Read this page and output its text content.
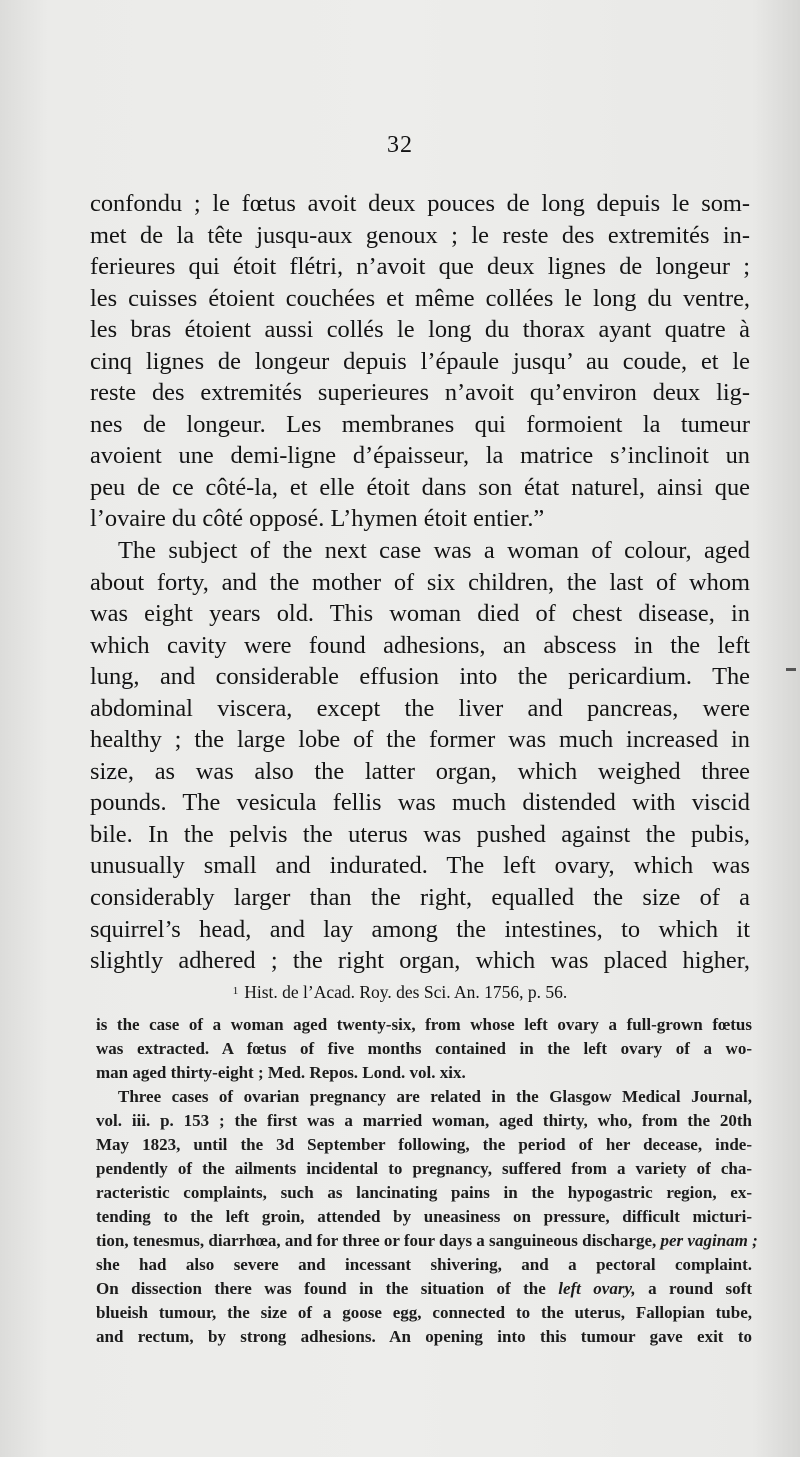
32
confondu ; le fœtus avoit deux pouces de long depuis le som-
met de la tête jusqu-aux genoux ; le reste des extremités in-
ferieures qui étoit flétri, n’avoit que deux lignes de longeur ;
les cuisses étoient couchées et même collées le long du ventre,
les bras étoient aussi collés le long du thorax ayant quatre à
cinq lignes de longeur depuis l’épaule jusqu’ au coude, et le
reste des extremités superieures n’avoit qu’environ deux lig-
nes de longeur. Les membranes qui formoient la tumeur
avoient une demi-ligne d’épaisseur, la matrice s’inclinoit un
peu de ce côté-la, et elle étoit dans son état naturel, ainsi que
l’ovaire du côté opposé. L’hymen étoit entier.”
The subject of the next case was a woman of colour, aged
about forty, and the mother of six children, the last of whom
was eight years old. This woman died of chest disease, in
which cavity were found adhesions, an abscess in the left
lung, and considerable effusion into the pericardium. The
abdominal viscera, except the liver and pancreas, were
healthy ; the large lobe of the former was much increased in
size, as was also the latter organ, which weighed three
pounds. The vesicula fellis was much distended with viscid
bile. In the pelvis the uterus was pushed against the pubis,
unusually small and indurated. The left ovary, which was
considerably larger than the right, equalled the size of a
squirrel’s head, and lay among the intestines, to which it
slightly adhered ; the right organ, which was placed higher,
$^1$ Hist. de l’Acad. Roy. des Sci. An. 1756, p. 56.
is the case of a woman aged twenty-six, from whose left ovary a full-grown fœtus
was extracted. A fœtus of five months contained in the left ovary of a wo-
man aged thirty-eight ; Med. Repos. Lond. vol. xix.
Three cases of ovarian pregnancy are related in the Glasgow Medical Journal,
vol. iii. p. 153 ; the first was a married woman, aged thirty, who, from the 20th
May 1823, until the 3d September following, the period of her decease, inde-
pendently of the ailments incidental to pregnancy, suffered from a variety of cha-
racteristic complaints, such as lancinating pains in the hypogastric region, ex-
tending to the left groin, attended by uneasiness on pressure, difficult micturi-
tion, tenesmus, diarrhœa, and for three or four days a sanguineous discharge, per vaginam ;
she had also severe and incessant shivering, and a pectoral complaint.
On dissection there was found in the situation of the left ovary, a round soft
blueish tumour, the size of a goose egg, connected to the uterus, Fallopian tube,
and rectum, by strong adhesions. An opening into this tumour gave exit to
